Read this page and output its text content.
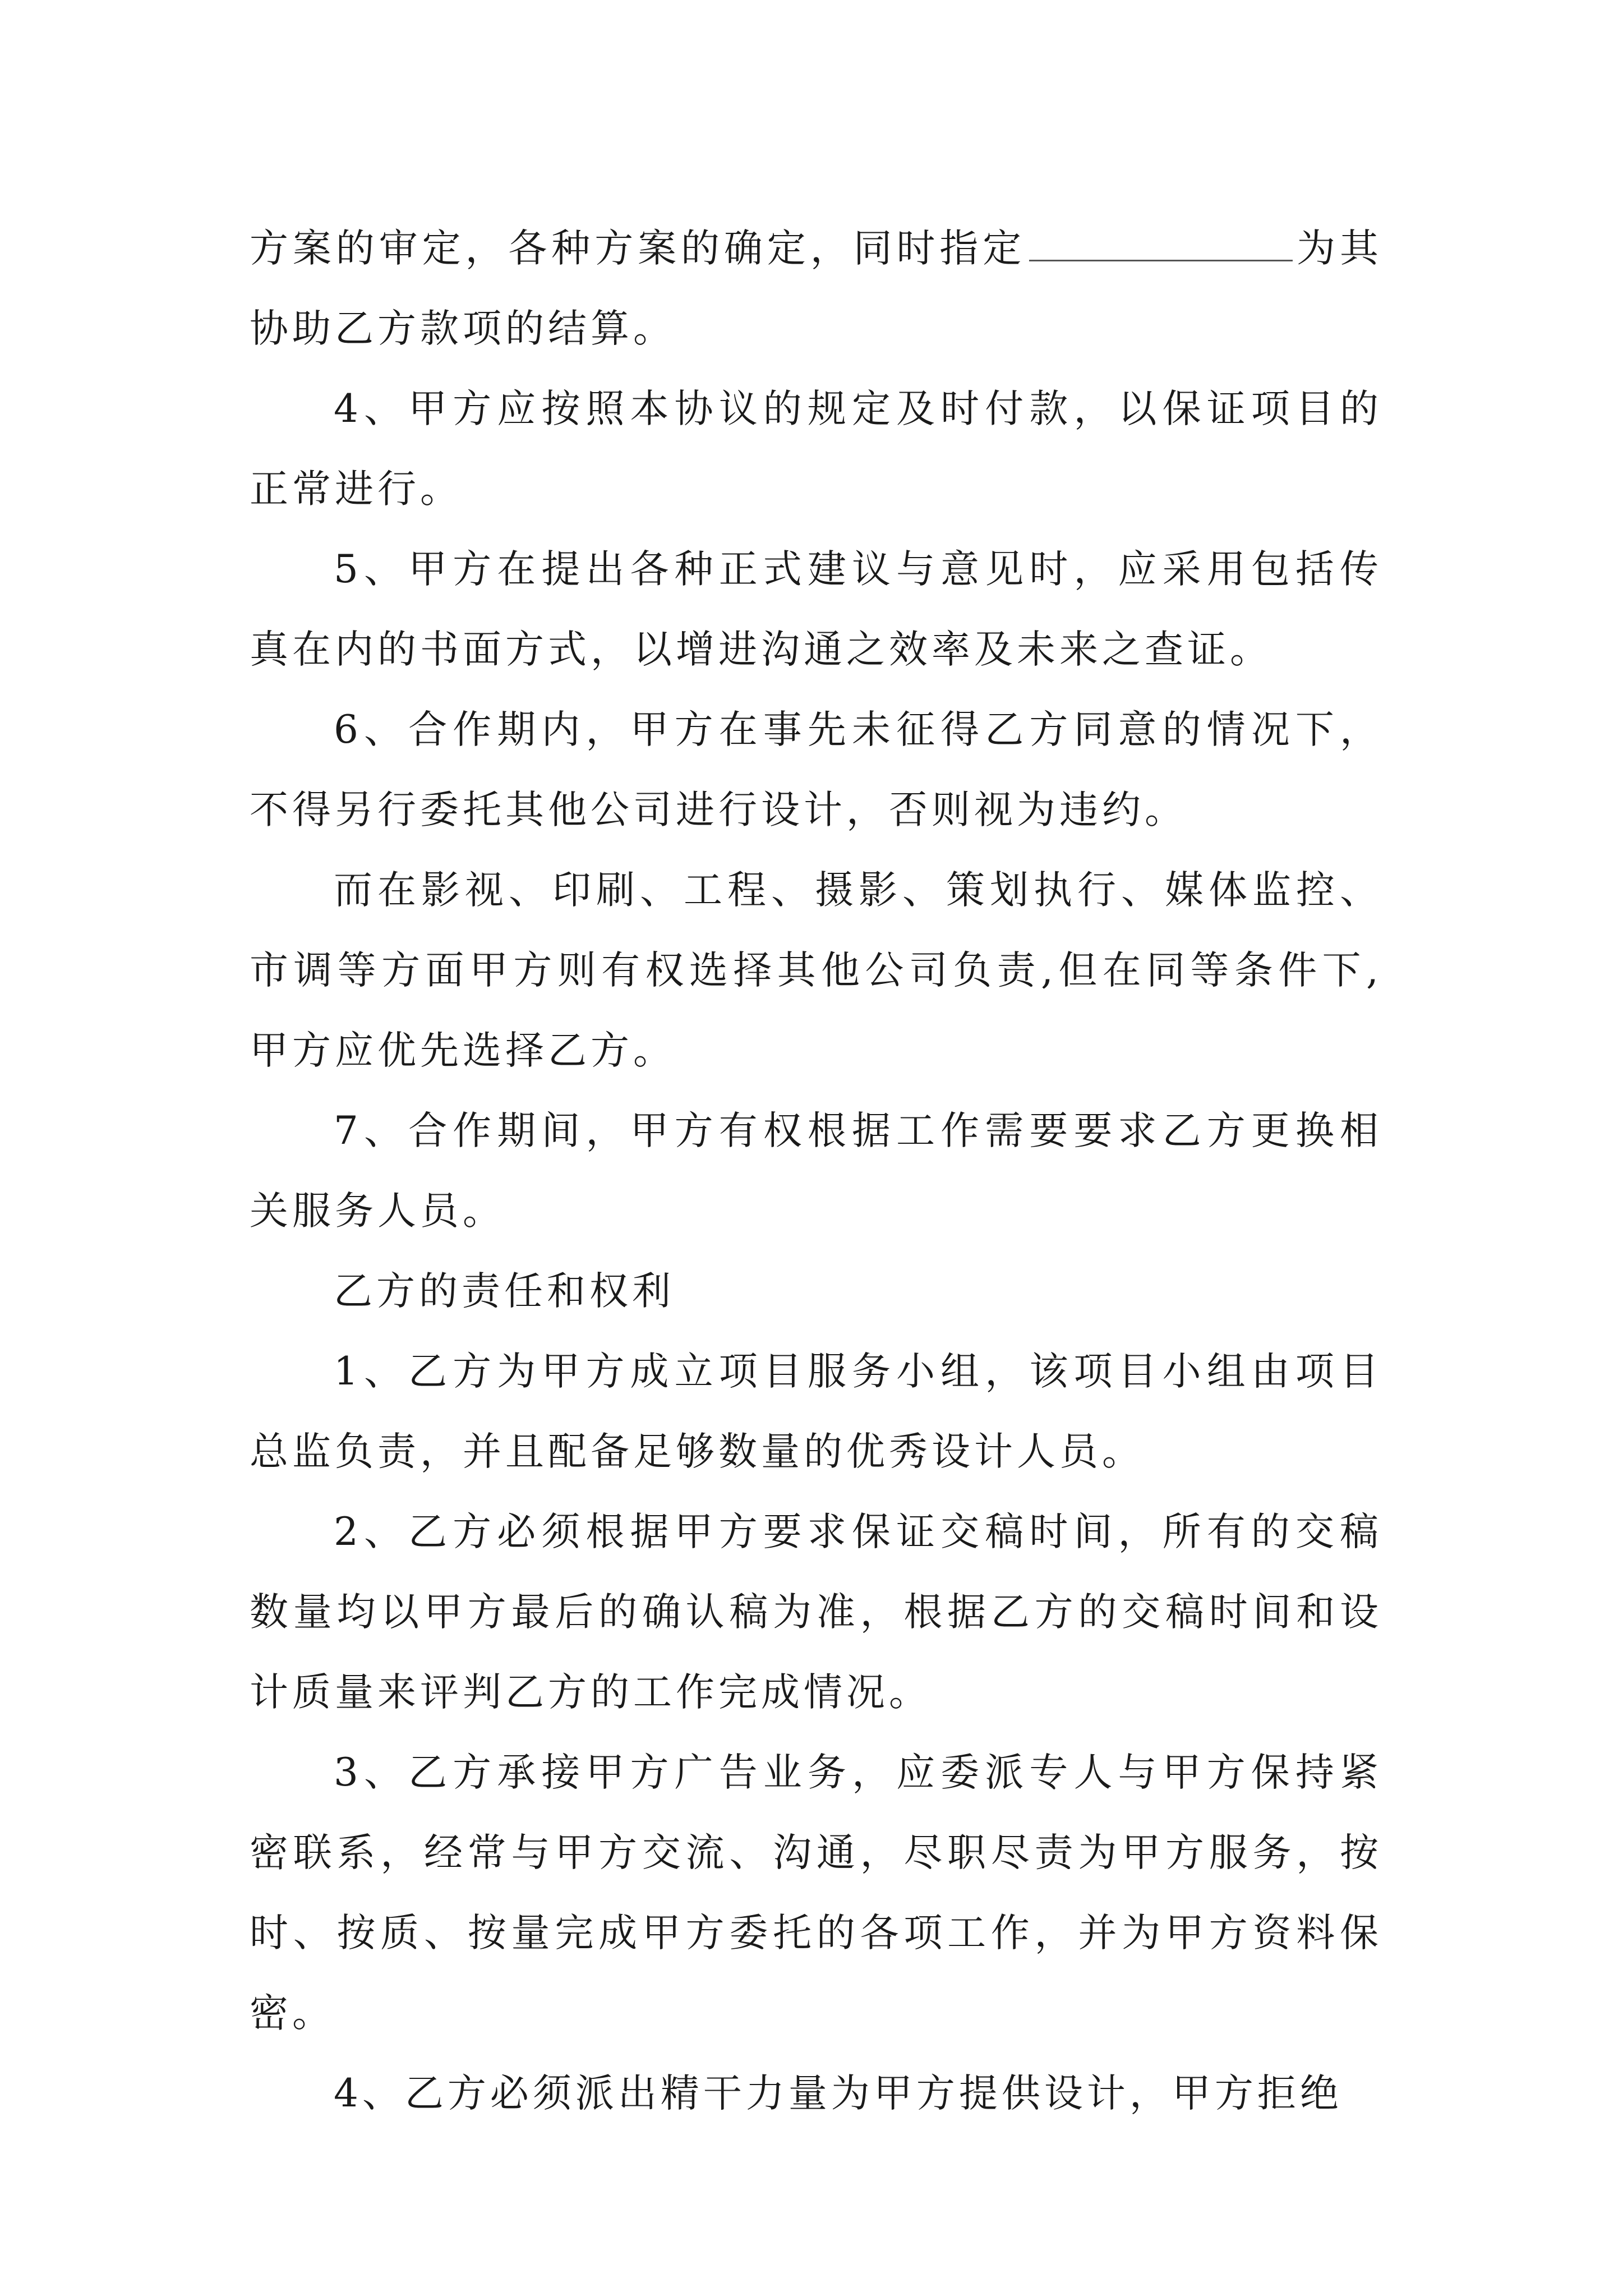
方案的审定，各种方案的确定，同时指定	为其协助乙方款项的结算。

4、甲方应按照本协议的规定及时付款，以保证项目的正常进行。

5、甲方在提出各种正式建议与意见时，应采用包括传真在内的书面方式，以增进沟通之效率及未来之查证。

6、合作期内，甲方在事先未征得乙方同意的情况下，不得另行委托其他公司进行设计，否则视为违约。

而在影视、印刷、工程、摄影、策划执行、媒体监控、市调等方面甲方则有权选择其他公司负责,但在同等条件下,甲方应优先选择乙方。

7、合作期间，甲方有权根据工作需要要求乙方更换相关服务人员。

乙方的责任和权利

1、乙方为甲方成立项目服务小组，该项目小组由项目总监负责，并且配备足够数量的优秀设计人员。

2、乙方必须根据甲方要求保证交稿时间，所有的交稿数量均以甲方最后的确认稿为准，根据乙方的交稿时间和设计质量来评判乙方的工作完成情况。

3、乙方承接甲方广告业务，应委派专人与甲方保持紧密联系，经常与甲方交流、沟通，尽职尽责为甲方服务，按时、按质、按量完成甲方委托的各项工作，并为甲方资料保密。

4、乙方必须派出精干力量为甲方提供设计，甲方拒绝
